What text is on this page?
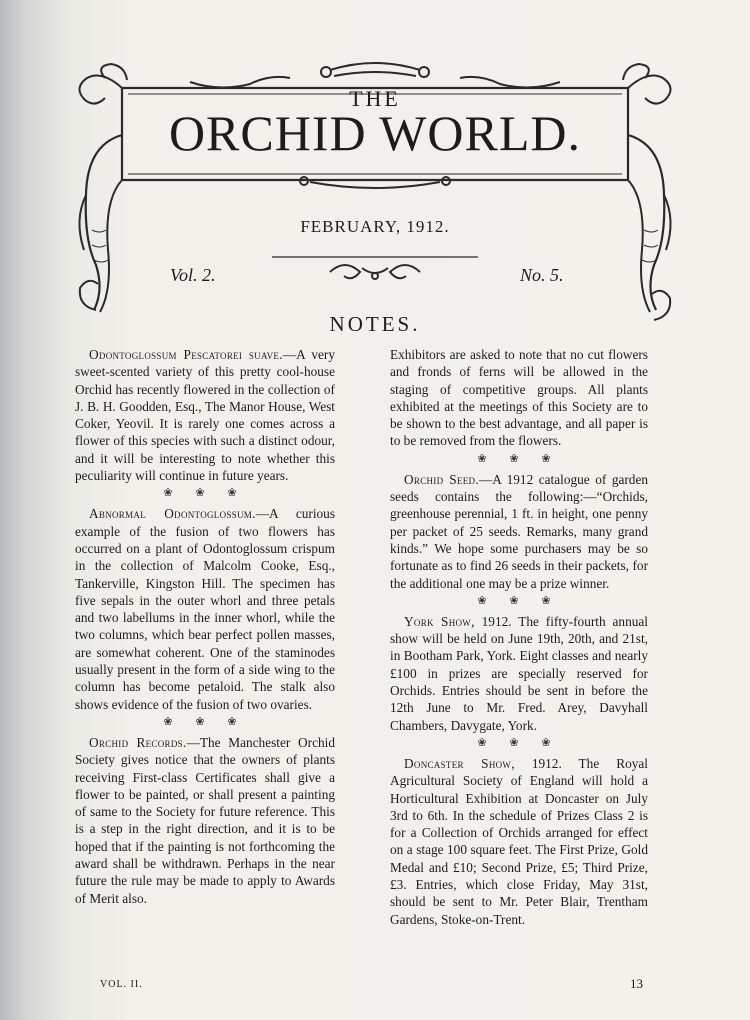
THE
ORCHID WORLD.
FEBRUARY, 1912.
Vol. 2.	No. 5.
NOTES.

Odontoglossum Pescatorei suave.—A very sweet-scented variety of this pretty cool-house Orchid has recently flowered in the collection of J. B. H. Goodden, Esq., The Manor House, West Coker, Yeovil. It is rarely one comes across a flower of this species with such a distinct odour, and it will be interesting to note whether this peculiarity will continue in future years.

❀ ❀ ❀

Abnormal Odontoglossum.—A curious example of the fusion of two flowers has occurred on a plant of Odontoglossum crispum in the collection of Malcolm Cooke, Esq., Tankerville, Kingston Hill. The specimen has five sepals in the outer whorl and three petals and two labellums in the inner whorl, while the two columns, which bear perfect pollen masses, are somewhat coherent. One of the staminodes usually present in the form of a side wing to the column has become petaloid. The stalk also shows evidence of the fusion of two ovaries.

❀ ❀ ❀

Orchid Records.—The Manchester Orchid Society gives notice that the owners of plants receiving First-class Certificates shall give a flower to be painted, or shall present a painting of same to the Society for future reference. This is a step in the right direction, and it is to be hoped that if the painting is not forthcoming the award shall be withdrawn. Perhaps in the near future the rule may be made to apply to Awards of Merit also.

Exhibitors are asked to note that no cut flowers and fronds of ferns will be allowed in the staging of competitive groups. All plants exhibited at the meetings of this Society are to be shown to the best advantage, and all paper is to be removed from the flowers.

❀ ❀ ❀

Orchid Seed.—A 1912 catalogue of garden seeds contains the following:—“Orchids, greenhouse perennial, 1 ft. in height, one penny per packet of 25 seeds. Remarks, many grand kinds.” We hope some purchasers may be so fortunate as to find 26 seeds in their packets, for the additional one may be a prize winner.

❀ ❀ ❀

York Show, 1912. The fifty-fourth annual show will be held on June 19th, 20th, and 21st, in Bootham Park, York. Eight classes and nearly £100 in prizes are specially reserved for Orchids. Entries should be sent in before the 12th June to Mr. Fred. Arey, Davyhall Chambers, Davygate, York.

❀ ❀ ❀

Doncaster Show, 1912. The Royal Agricultural Society of England will hold a Horticultural Exhibition at Doncaster on July 3rd to 6th. In the schedule of Prizes Class 2 is for a Collection of Orchids arranged for effect on a stage 100 square feet. The First Prize, Gold Medal and £10; Second Prize, £5; Third Prize, £3. Entries, which close Friday, May 31st, should be sent to Mr. Peter Blair, Trentham Gardens, Stoke-on-Trent.

VOL. II.	13
